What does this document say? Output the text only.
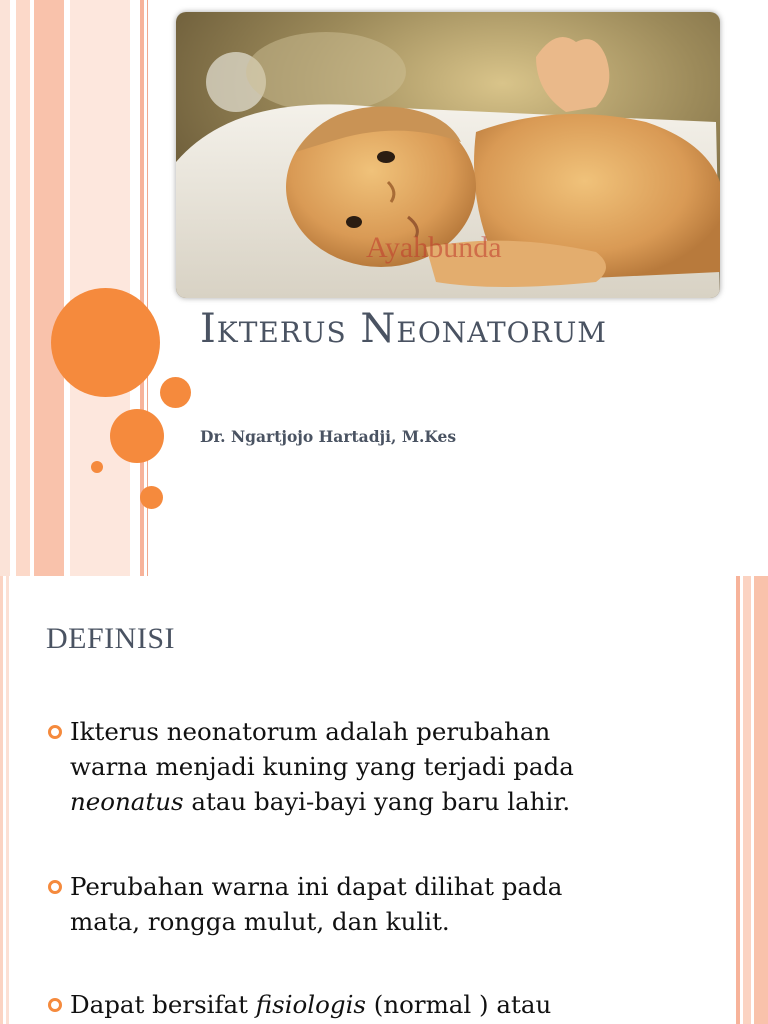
Ayahbunda
Ikterus Neonatorum
Dr. Ngartjojo Hartadji, M.Kes
DEFINISI
Ikterus neonatorum adalah perubahan
warna menjadi kuning yang terjadi pada
neonatus atau bayi-bayi yang baru lahir.
Perubahan warna ini dapat dilihat pada
mata, rongga mulut, dan kulit.
Dapat bersifat fisiologis (normal ) atau
